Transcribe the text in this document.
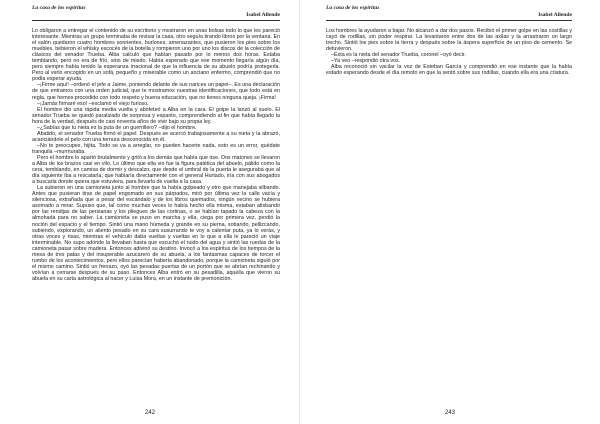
La casa de los espíritus

Isabel Allende

Lo obligaron a entregar el contenido de su escritorio y mostraron en unas bolsas todo lo que les pareció interesante. Mientras un grupo terminaba de revisar la casa, otro seguía tirando libros por la ventana. En el salón quedaron cuatro hombres sonrientes, burlones, amenazantes, que pusieron los pies sobre los muebles, bebieron el whisky escocés de la botella y rompieron uno por uno los discos de la colección de clásicos del senador Trueba. Alba calculó que habían pasado por lo menos dos horas. Estaba temblando, pero no era de frío, sino de miedo. Había esperado que ese momento llegaría algún día, pero siempre había tenido la esperanza irracional de que la influencia de su abuelo podría protegerla. Pero al verlo encogido en un sofá, pequeño y miserable como un anciano enfermo, comprendió que no podía esperar ayuda.

–¡Firme aquí! –ordenó el jefe a Jaime, poniendo delante de sus narices un papel–. Es una declaración de que entramos con una orden judicial, que te mostramos nuestras identificaciones, que todo está en regla, que hemos procedido con todo respeto y buena educación, que no tienes ninguna queja. ¡Firma!

–¡Jamás firmaré eso! –exclamó el viejo furioso.

El hombre dio una rápida media vuelta y abofeteó a Alba en la cara. El golpe la lanzó al suelo. El senador Trueba se quedó paralizado de sorpresa y espanto, comprendiendo al fin que había llegado la hora de la verdad, después de casi noventa años de vivir bajo su propia ley.

–¿Sabías que tu nieta es la puta de un guerrillero? –dijo el hombre.

Abatido, el senador Trueba firmó el papel. Después se acercó trabajosamente a su nieta y la abrazó, acariciándole el pelo con una ternura desconocida en él.

–No te preocupes, hijita. Todo se va a arreglar, no pueden hacerte nada, esto es un error, quédate tranquila –murmuraba.

Pero el hombre lo apartó brutalmente y gritó a los demás que había que irse. Dos matones se llevaron a Alba de los brazos casi en vilo. Lo último que ella vio fue la figura patética del abuelo, pálido como la cera, temblando, en camisa de dormir y descalzo, que desde el umbral de la puerta le aseguraba que al día siguiente iba a rescatarla, que hablaría directamente con el general Hurtado, iría con sus abogados a buscarla donde quiera que estuviera, para llevarla de vuelta a la casa.

La subieron en una camioneta junto al hombre que la había golpeado y otro que manejaba silbando. Antes que pusieran tiras de papel engomado en sus párpados, miró por última vez la calle vacía y silenciosa, extrañada que a pesar del escándalo y de los libros quemados, ningún vecino se hubiera asomado a mirar. Supuso que, tal como muchas veces lo había hecho ella misma, estaban atisbando por las rendijas de las persianas y los pliegues de las cortinas, o se habían tapado la cabeza con la almohada para no saber. La camioneta se puso en marcha y ella, ciega por primera vez, perdió la noción del espacio y el tiempo. Sintió una mano húmeda y grande en su pierna, sobando, pellizcando, subiendo, explorando, un aliento pesado en su cara susurrando te voy a calentar puta, ya lo verás, y otras voces y risas, mientras el vehículo daba vueltas y vueltas en lo que a ella le pareció un viaje interminable. No supo adónde la llevaban hasta que escuchó el ruido del agua y sintió las ruedas de la camioneta pasar sobre madera. Entonces adivinó su destino. Invocó a los espíritus de los tiempos de la mesa de tres patas y del insuperable azucarero de su abuela, a los fantasmas capaces de torcer el rumbo de los acontecimientos, pero ellos parecían haberla abandonado, porque la camioneta siguió por el mismo camino. Sintió un frenazo, oyó las pesadas puertas de un portón que se abrían rechinando y volvían a cerrarse después de su paso. Entonces Alba entró en su pesadilla, aquella que vieron su abuela en su carta astrológica al nacer y Luisa Mora, en un instante de premonición.

242

La casa de los espíritus

Isabel Allende

Los hombres la ayudaron a bajar. No alcanzó a dar dos pasos. Recibió el primer golpe en las costillas y cayó de rodillas, sin poder respirar. La levantaron entre dos de las axilas y la arrastraron un largo trecho. Sintió los pies sobre la tierra y después sobre la áspera superficie de un piso de cemento. Se detuvieron.

–Ésta es la nieta del senador Trueba, coronel –oyó decir.

–Ya veo –respondió otra voz.

Alba reconoció sin vacilar la voz de Esteban García y comprendió en ese instante que la había estado esperando desde el día remoto en que la sentó sobre sus rodillas, cuando ella era una criatura.

243
